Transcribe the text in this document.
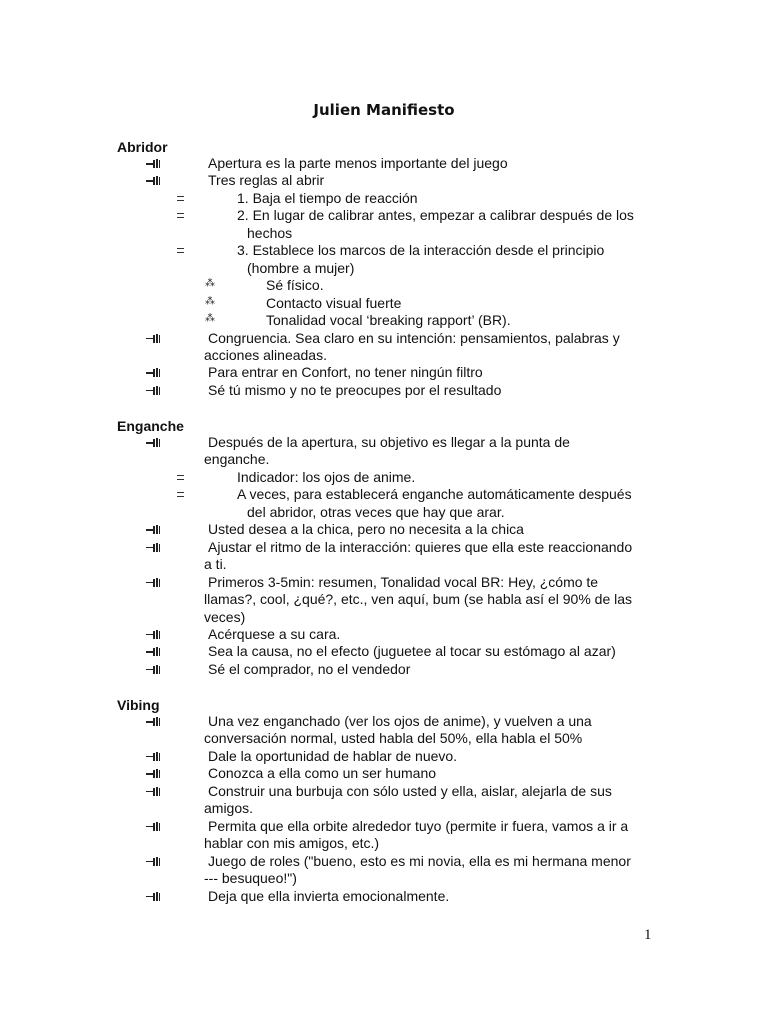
Julien Manifiesto
Abridor
Apertura es la parte menos importante del juego
Tres reglas al abrir
1. Baja el tiempo de reacción
2. En lugar de calibrar antes, empezar a calibrar después de los
hechos
3. Establece los marcos de la interacción desde el principio
(hombre a mujer)
⁂	Sé físico.
⁂	Contacto visual fuerte
⁂	Tonalidad vocal ‘breaking rapport’ (BR).
Congruencia. Sea claro en su intención: pensamientos, palabras y
acciones alineadas.
Para entrar en Confort, no tener ningún filtro
Sé tú mismo y no te preocupes por el resultado
Enganche
Después de la apertura, su objetivo es llegar a la punta de
enganche.
Indicador: los ojos de anime.
A veces, para establecerá enganche automáticamente después
del abridor, otras veces que hay que arar.
Usted desea a la chica, pero no necesita a la chica
Ajustar el ritmo de la interacción: quieres que ella este reaccionando
a ti.
Primeros 3-5min: resumen, Tonalidad vocal BR: Hey, ¿cómo te
llamas?, cool, ¿qué?, etc., ven aquí, bum (se habla así el 90% de las
veces)
Acérquese a su cara.
Sea la causa, no el efecto (juguetee al tocar su estómago al azar)
Sé el comprador, no el vendedor
Vibing
Una vez enganchado (ver los ojos de anime), y vuelven a una
conversación normal, usted habla del 50%, ella habla el 50%
Dale la oportunidad de hablar de nuevo.
Conozca a ella como un ser humano
Construir una burbuja con sólo usted y ella, aislar, alejarla de sus
amigos.
Permita que ella orbite alrededor tuyo (permite ir fuera, vamos a ir a
hablar con mis amigos, etc.)
Juego de roles ("bueno, esto es mi novia, ella es mi hermana menor
--- besuqueo!")
Deja que ella invierta emocionalmente.
1
